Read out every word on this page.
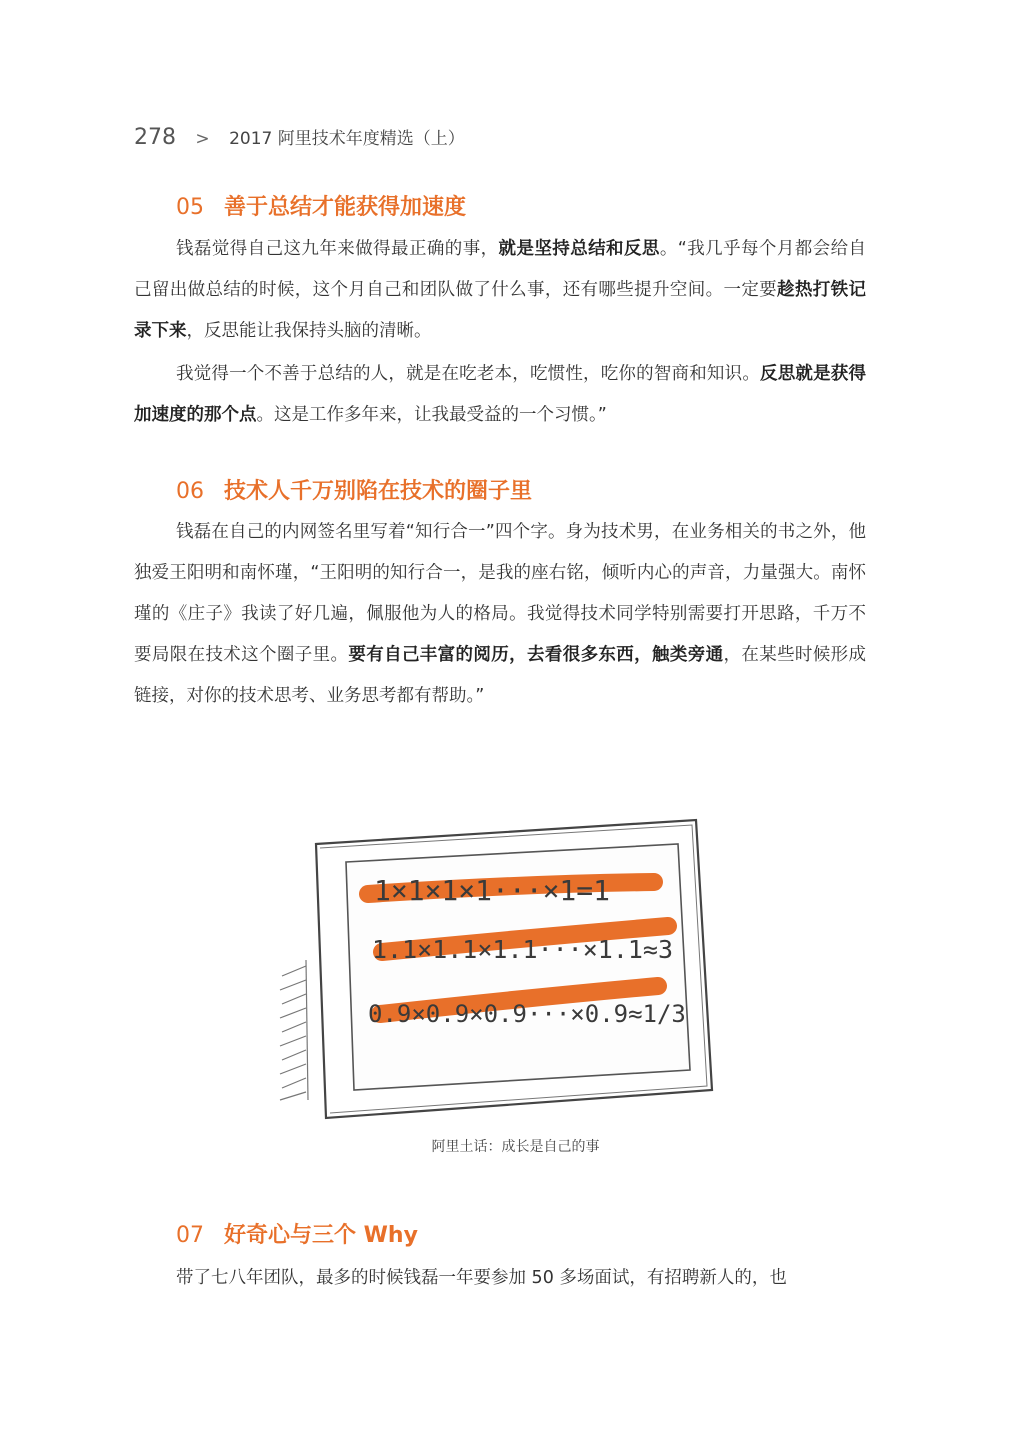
278 > 2017 阿里技术年度精选（上）
05 善于总结才能获得加速度

钱磊觉得自己这九年来做得最正确的事，就是坚持总结和反思。“我几乎每个月都会给自己留出做总结的时候，这个月自己和团队做了什么事，还有哪些提升空间。一定要趁热打铁记录下来，反思能让我保持头脑的清晰。

我觉得一个不善于总结的人，就是在吃老本，吃惯性，吃你的智商和知识。反思就是获得加速度的那个点。这是工作多年来，让我最受益的一个习惯。”

06 技术人千万别陷在技术的圈子里

钱磊在自己的内网签名里写着“知行合一”四个字。身为技术男，在业务相关的书之外，他独爱王阳明和南怀瑾，“王阳明的知行合一，是我的座右铭，倾听内心的声音，力量强大。南怀瑾的《庄子》我读了好几遍，佩服他为人的格局。我觉得技术同学特别需要打开思路，千万不要局限在技术这个圈子里。要有自己丰富的阅历，去看很多东西，触类旁通，在某些时候形成链接，对你的技术思考、业务思考都有帮助。”

1×1×1×1···×1=1
1.1×1.1×1.1···×1.1≈3
0.9×0.9×0.9···×0.9≈1/3
阿里土话：成长是自己的事
07 好奇心与三个 Why

带了七八年团队，最多的时候钱磊一年要参加 50 多场面试，有招聘新人的，也
